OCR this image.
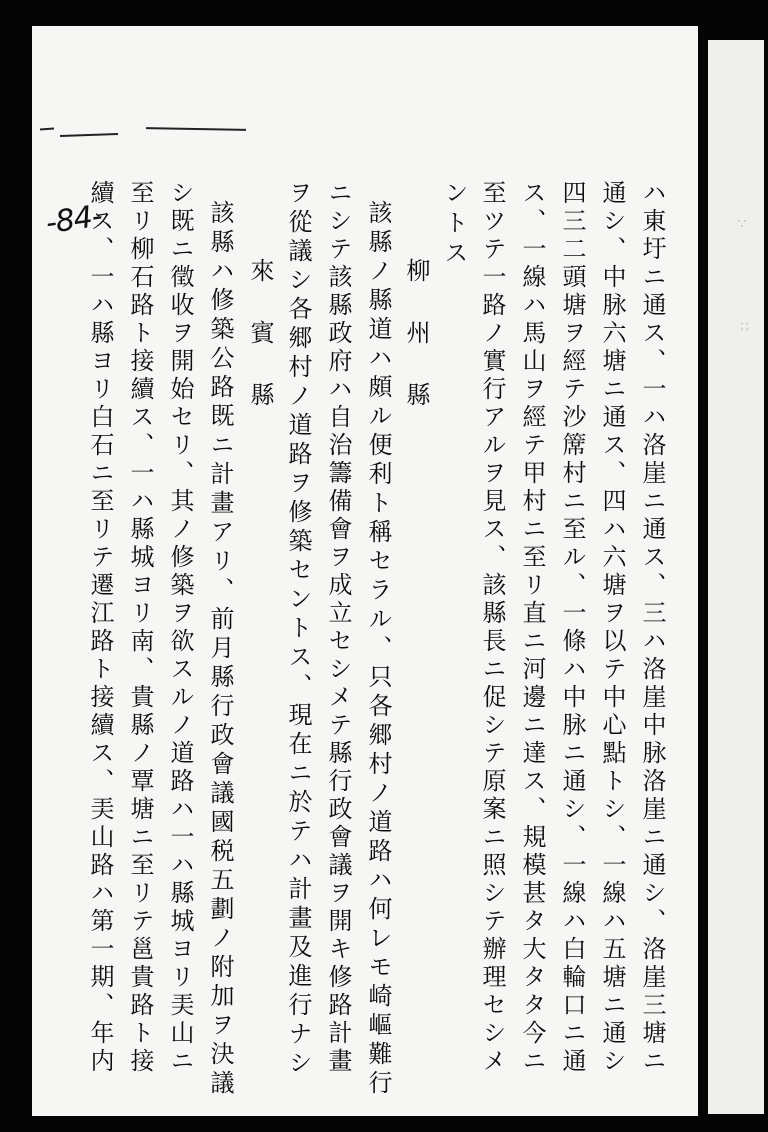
∵
∷
-84-	ハ東圩ニ通ス、一ハ洛崖ニ通ス、三ハ洛崖中脉洛崖ニ通シ、洛崖三塘ニ
通シ、中脉六塘ニ通ス、四ハ六塘ヲ以テ中心點トシ、一線ハ五塘ニ通シ
四三二頭塘ヲ經テ沙𥱊村ニ至ル、一條ハ中脉ニ通シ、一線ハ白輪口ニ通
ス、一線ハ馬山ヲ經テ甲村ニ至リ直ニ河邊ニ達ス、規模甚タ大タタ今ニ
至ツテ一路ノ實行アルヲ見ス、該縣長ニ促シテ原案ニ照シテ辦理セシメ
ントス
柳州縣
該縣ノ縣道ハ頗ル便利ト稱セラル、只各郷村ノ道路ハ何レモ崎嶇難行
ニシテ該縣政府ハ自治籌備會ヲ成立セシメテ縣行政會議ヲ開キ修路計畫
ヲ從議シ各郷村ノ道路ヲ修築セントス、現在ニ於テハ計畫及進行ナシ
來賓縣
該縣ハ修築公路既ニ計畫アリ、前月縣行政會議國税五劃ノ附加ヲ決議
シ既ニ徵收ヲ開始セリ、其ノ修築ヲ欲スルノ道路ハ一ハ縣城ヨリ㺯山ニ
至リ柳石路ト接續ス、一ハ縣城ヨリ南、貴縣ノ覃塘ニ至リテ邕貴路ト接
續ス、一ハ縣ヨリ白石ニ至リテ遷江路ト接續ス、㺯山路ハ第一期、年内
